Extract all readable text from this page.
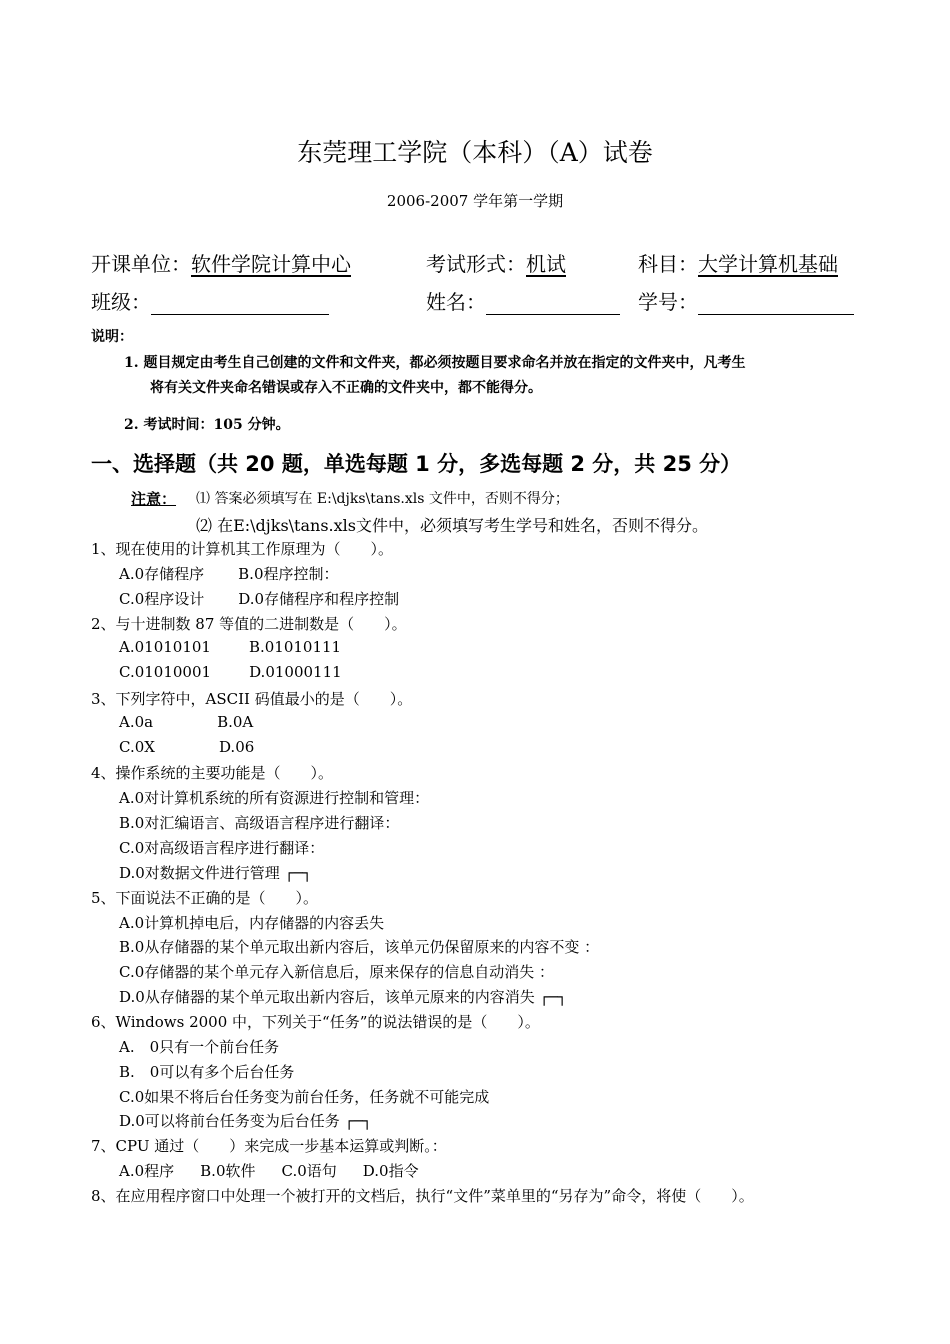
东莞理工学院（本科）（A）试卷
2006-2007 学年第一学期
开课单位：软件学院计算中心	考试形式：机试	科目：大学计算机基础
班级：	姓名：	学号：
说明：
1. 题目规定由考生自己创建的文件和文件夹，都必须按题目要求命名并放在指定的文件夹中，凡考生
将有关文件夹命名错误或存入不正确的文件夹中，都不能得分。
2. 考试时间：105 分钟。
一、选择题（共 20 题，单选每题 1 分，多选每题 2 分，共 25 分）
注意： ⑴ 答案必须填写在 E:\djks\tans.xls 文件中，否则不得分；
⑵ 在E:\djks\tans.xls文件中，必须填写考生学号和姓名，否则不得分。
1、现在使用的计算机其工作原理为（　　）。
A.0存储程序 B.0程序控制：
C.0程序设计 D.0存储程序和程序控制
2、与十进制数 87 等值的二进制数是（　　）。
A.01010101	B.01010111
C.01010001	D.01000111
3、下列字符中，ASCII 码值最小的是（　　）。
A.0a	B.0A
C.0X	D.06
4、操作系统的主要功能是（　　）。
A.0对计算机系统的所有资源进行控制和管理：
B.0对汇编语言、高级语言程序进行翻译：
C.0对高级语言程序进行翻译：
D.0对数据文件进行管理 ┌─┐
5、下面说法不正确的是（　　）。
A.0计算机掉电后，内存储器的内容丢失
B.0从存储器的某个单元取出新内容后，该单元仍保留原来的内容不变 ：
C.0存储器的某个单元存入新信息后，原来保存的信息自动消失 ：
D.0从存储器的某个单元取出新内容后，该单元原来的内容消失 ┌─┐
6、Windows 2000 中，下列关于“任务”的说法错误的是（　　）。
A.　0只有一个前台任务
B.　0可以有多个后台任务
C.0如果不将后台任务变为前台任务，任务就不可能完成
D.0可以将前台任务变为后台任务 ┌─┐
7、CPU 通过（　　）来完成一步基本运算或判断。：
A.0程序 B.0软件 C.0语句 D.0指令
8、在应用程序窗口中处理一个被打开的文档后，执行“文件”菜单里的“另存为”命令，将使（　　）。
